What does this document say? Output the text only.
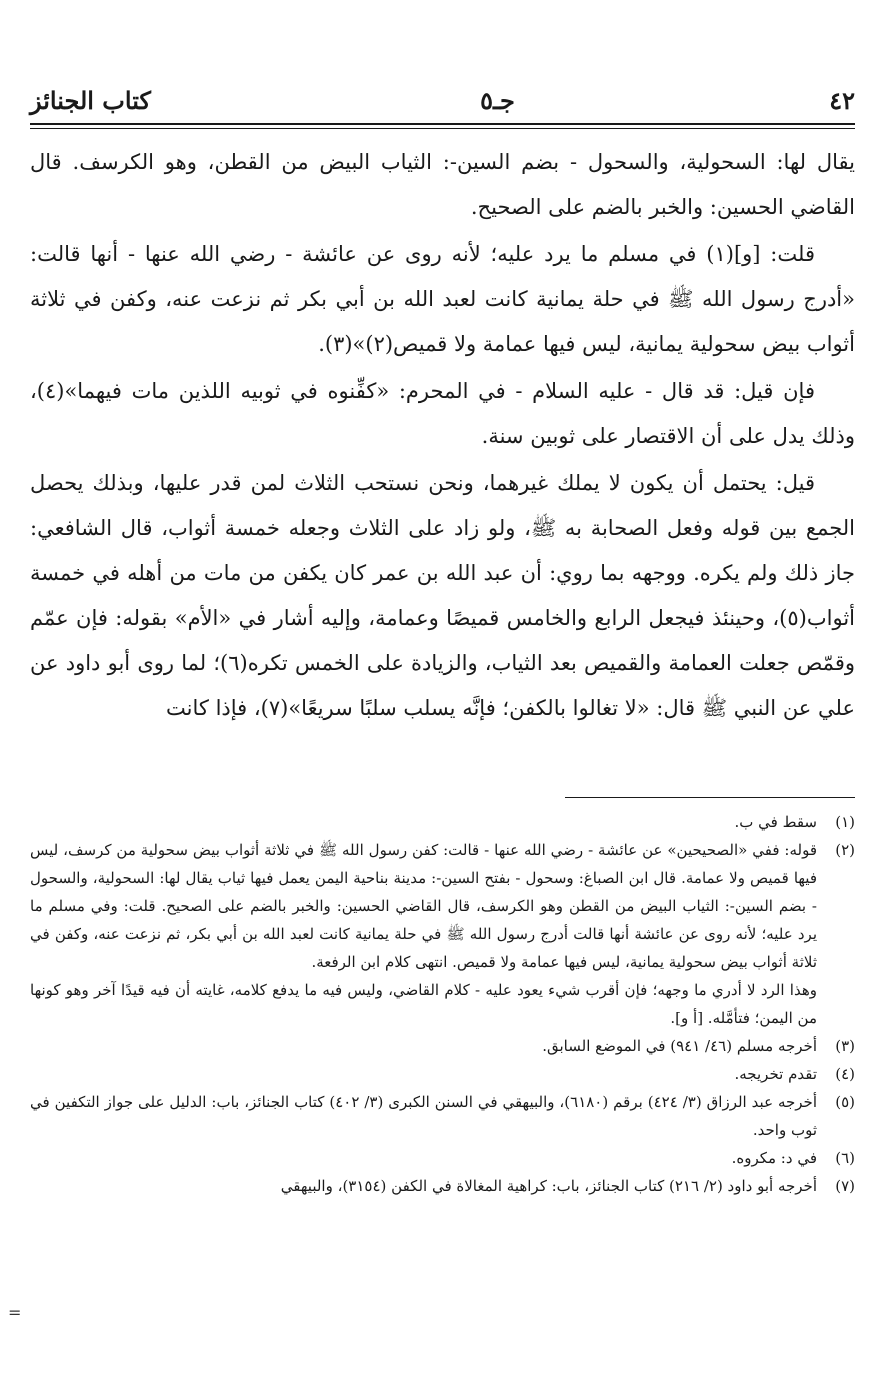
٤٢
جـ٥
كتاب الجنائز

يقال لها: السحولية، والسحول - بضم السين-: الثياب البيض من القطن، وهو الكرسف. قال القاضي الحسين: والخبر بالضم على الصحيح.

قلت: [و](١) في مسلم ما يرد عليه؛ لأنه روى عن عائشة - رضي الله عنها - أنها قالت: «أدرج رسول الله ﷺ في حلة يمانية كانت لعبد الله بن أبي بكر ثم نزعت عنه، وكفن في ثلاثة أثواب بيض سحولية يمانية، ليس فيها عمامة ولا قميص(٢)»(٣).

فإن قيل: قد قال - عليه السلام - في المحرم: «كفِّنوه في ثوبيه اللذين مات فيهما»(٤)، وذلك يدل على أن الاقتصار على ثوبين سنة.

قيل: يحتمل أن يكون لا يملك غيرهما، ونحن نستحب الثلاث لمن قدر عليها، وبذلك يحصل الجمع بين قوله وفعل الصحابة به ﷺ، ولو زاد على الثلاث وجعله خمسة أثواب، قال الشافعي: جاز ذلك ولم يكره. ووجهه بما روي: أن عبد الله بن عمر كان يكفن من مات من أهله في خمسة أثواب(٥)، وحينئذ فيجعل الرابع والخامس قميصًا وعمامة، وإليه أشار في «الأم» بقوله: فإن عمّم وقمّص جعلت العمامة والقميص بعد الثياب، والزيادة على الخمس تكره(٦)؛ لما روى أبو داود عن علي عن النبي ﷺ قال: «لا تغالوا بالكفن؛ فإنَّه يسلب سلبًا سريعًا»(٧)، فإذا كانت

(١)
سقط في ب.
(٢)
قوله: ففي «الصحيحين» عن عائشة - رضي الله عنها - قالت: كفن رسول الله ﷺ في ثلاثة أثواب بيض سحولية من كرسف، ليس فيها قميص ولا عمامة. قال ابن الصباغ: وسحول - بفتح السين-: مدينة بناحية اليمن يعمل فيها ثياب يقال لها: السحولية، والسحول - بضم السين-: الثياب البيض من القطن وهو الكرسف، قال القاضي الحسين: والخبر بالضم على الصحيح. قلت: وفي مسلم ما يرد عليه؛ لأنه روى عن عائشة أنها قالت أدرج رسول الله ﷺ في حلة يمانية كانت لعبد الله بن أبي بكر، ثم نزعت عنه، وكفن في ثلاثة أثواب بيض سحولية يمانية، ليس فيها عمامة ولا قميص. انتهى كلام ابن الرفعة.
وهذا الرد لا أدري ما وجهه؛ فإن أقرب شيء يعود عليه - كلام القاضي، وليس فيه ما يدفع كلامه، غايته أن فيه قيدًا آخر وهو كونها من اليمن؛ فتأمَّله. [أ و].
(٣)
أخرجه مسلم (٤٦/ ٩٤١) في الموضع السابق.
(٤)
تقدم تخريجه.
(٥)
أخرجه عبد الرزاق (٣/ ٤٢٤) برقم (٦١٨٠)، والبيهقي في السنن الكبرى (٣/ ٤٠٢) كتاب الجنائز، باب: الدليل على جواز التكفين في ثوب واحد.
(٦)
في د: مكروه.
(٧)
أخرجه أبو داود (٢/ ٢١٦) كتاب الجنائز، باب: كراهية المغالاة في الكفن (٣١٥٤)، والبيهقي
=
